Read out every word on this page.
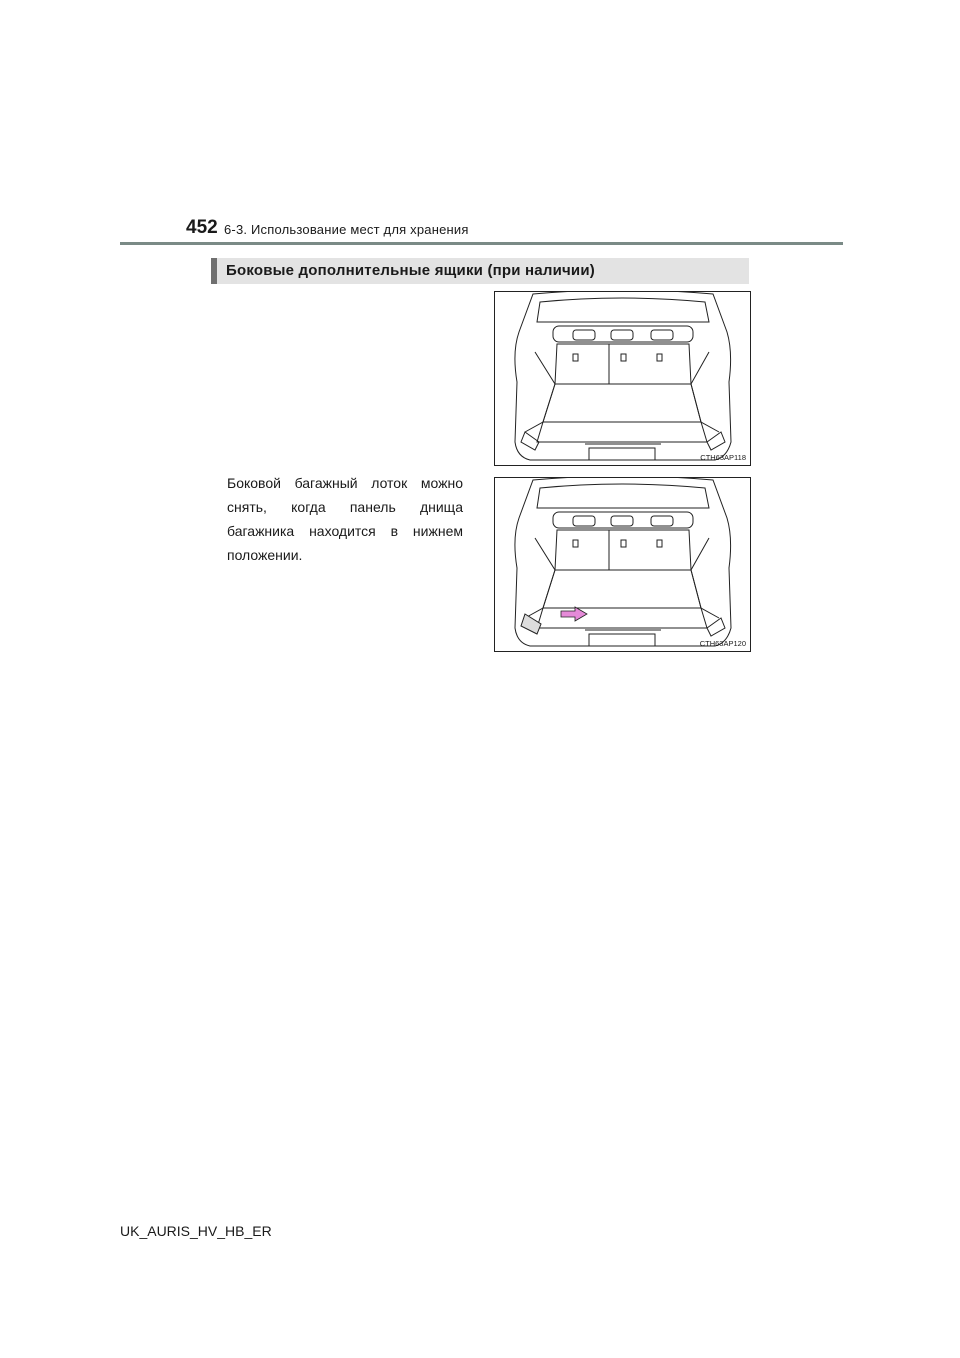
452 6-3. Использование мест для хранения
Боковые дополнительные ящики (при наличии)
CTH63AP118
Боковой багажный лоток можно снять, когда панель днища багажника находится в нижнем положении.
CTH63AP120
UK_AURIS_HV_HB_ER
